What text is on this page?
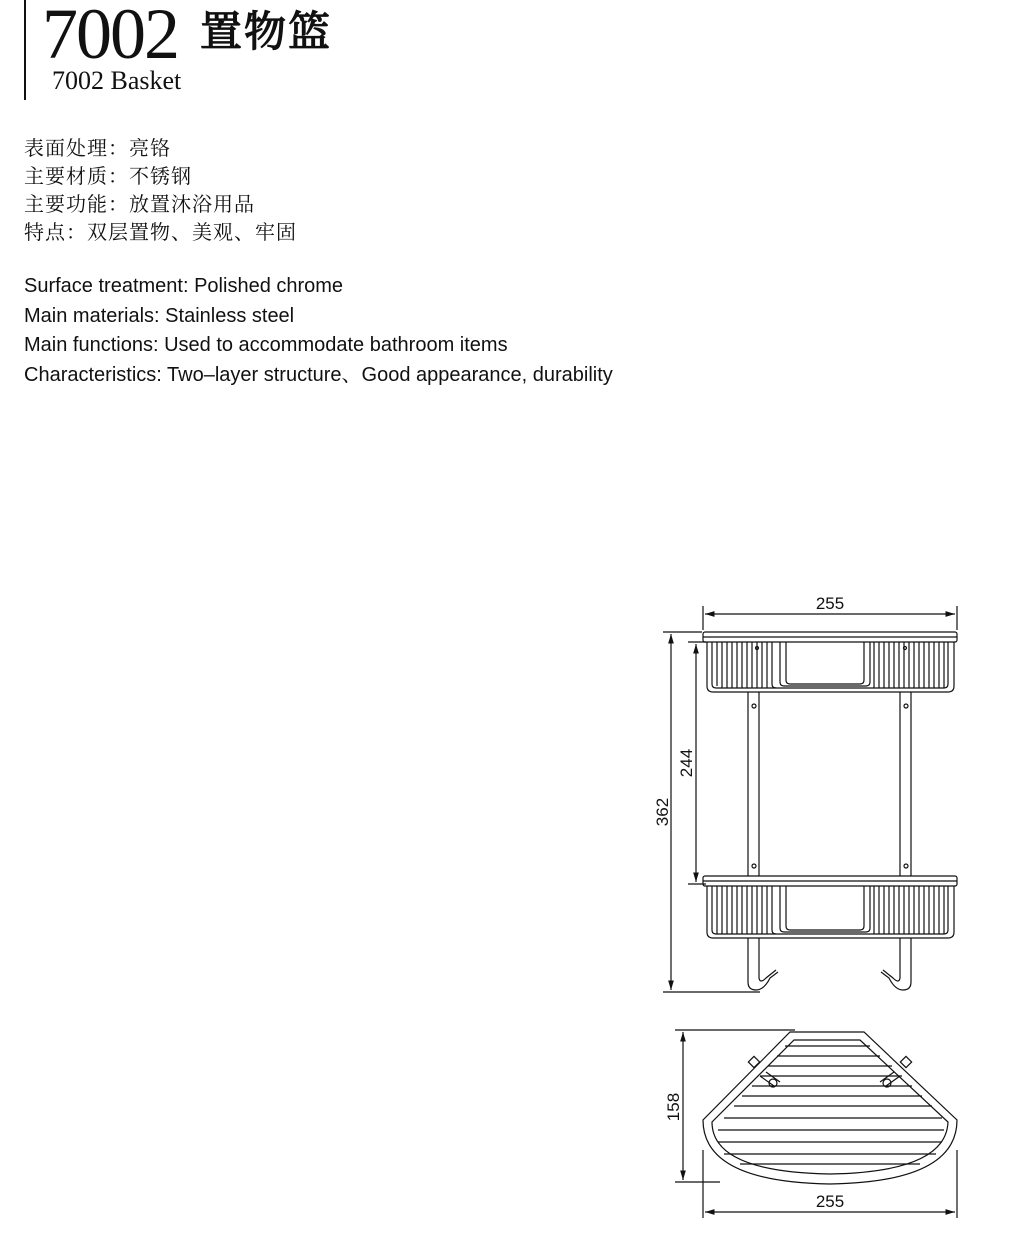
7002 置物篮
7002 Basket
表面处理：亮铬
主要材质：不锈钢
主要功能：放置沐浴用品
特点：双层置物、美观、牢固
Surface treatment: Polished chrome
Main materials: Stainless steel
Main functions: Used to accommodate bathroom items
Characteristics: Two–layer structure、Good appearance, durability
255
362
244
158
255
